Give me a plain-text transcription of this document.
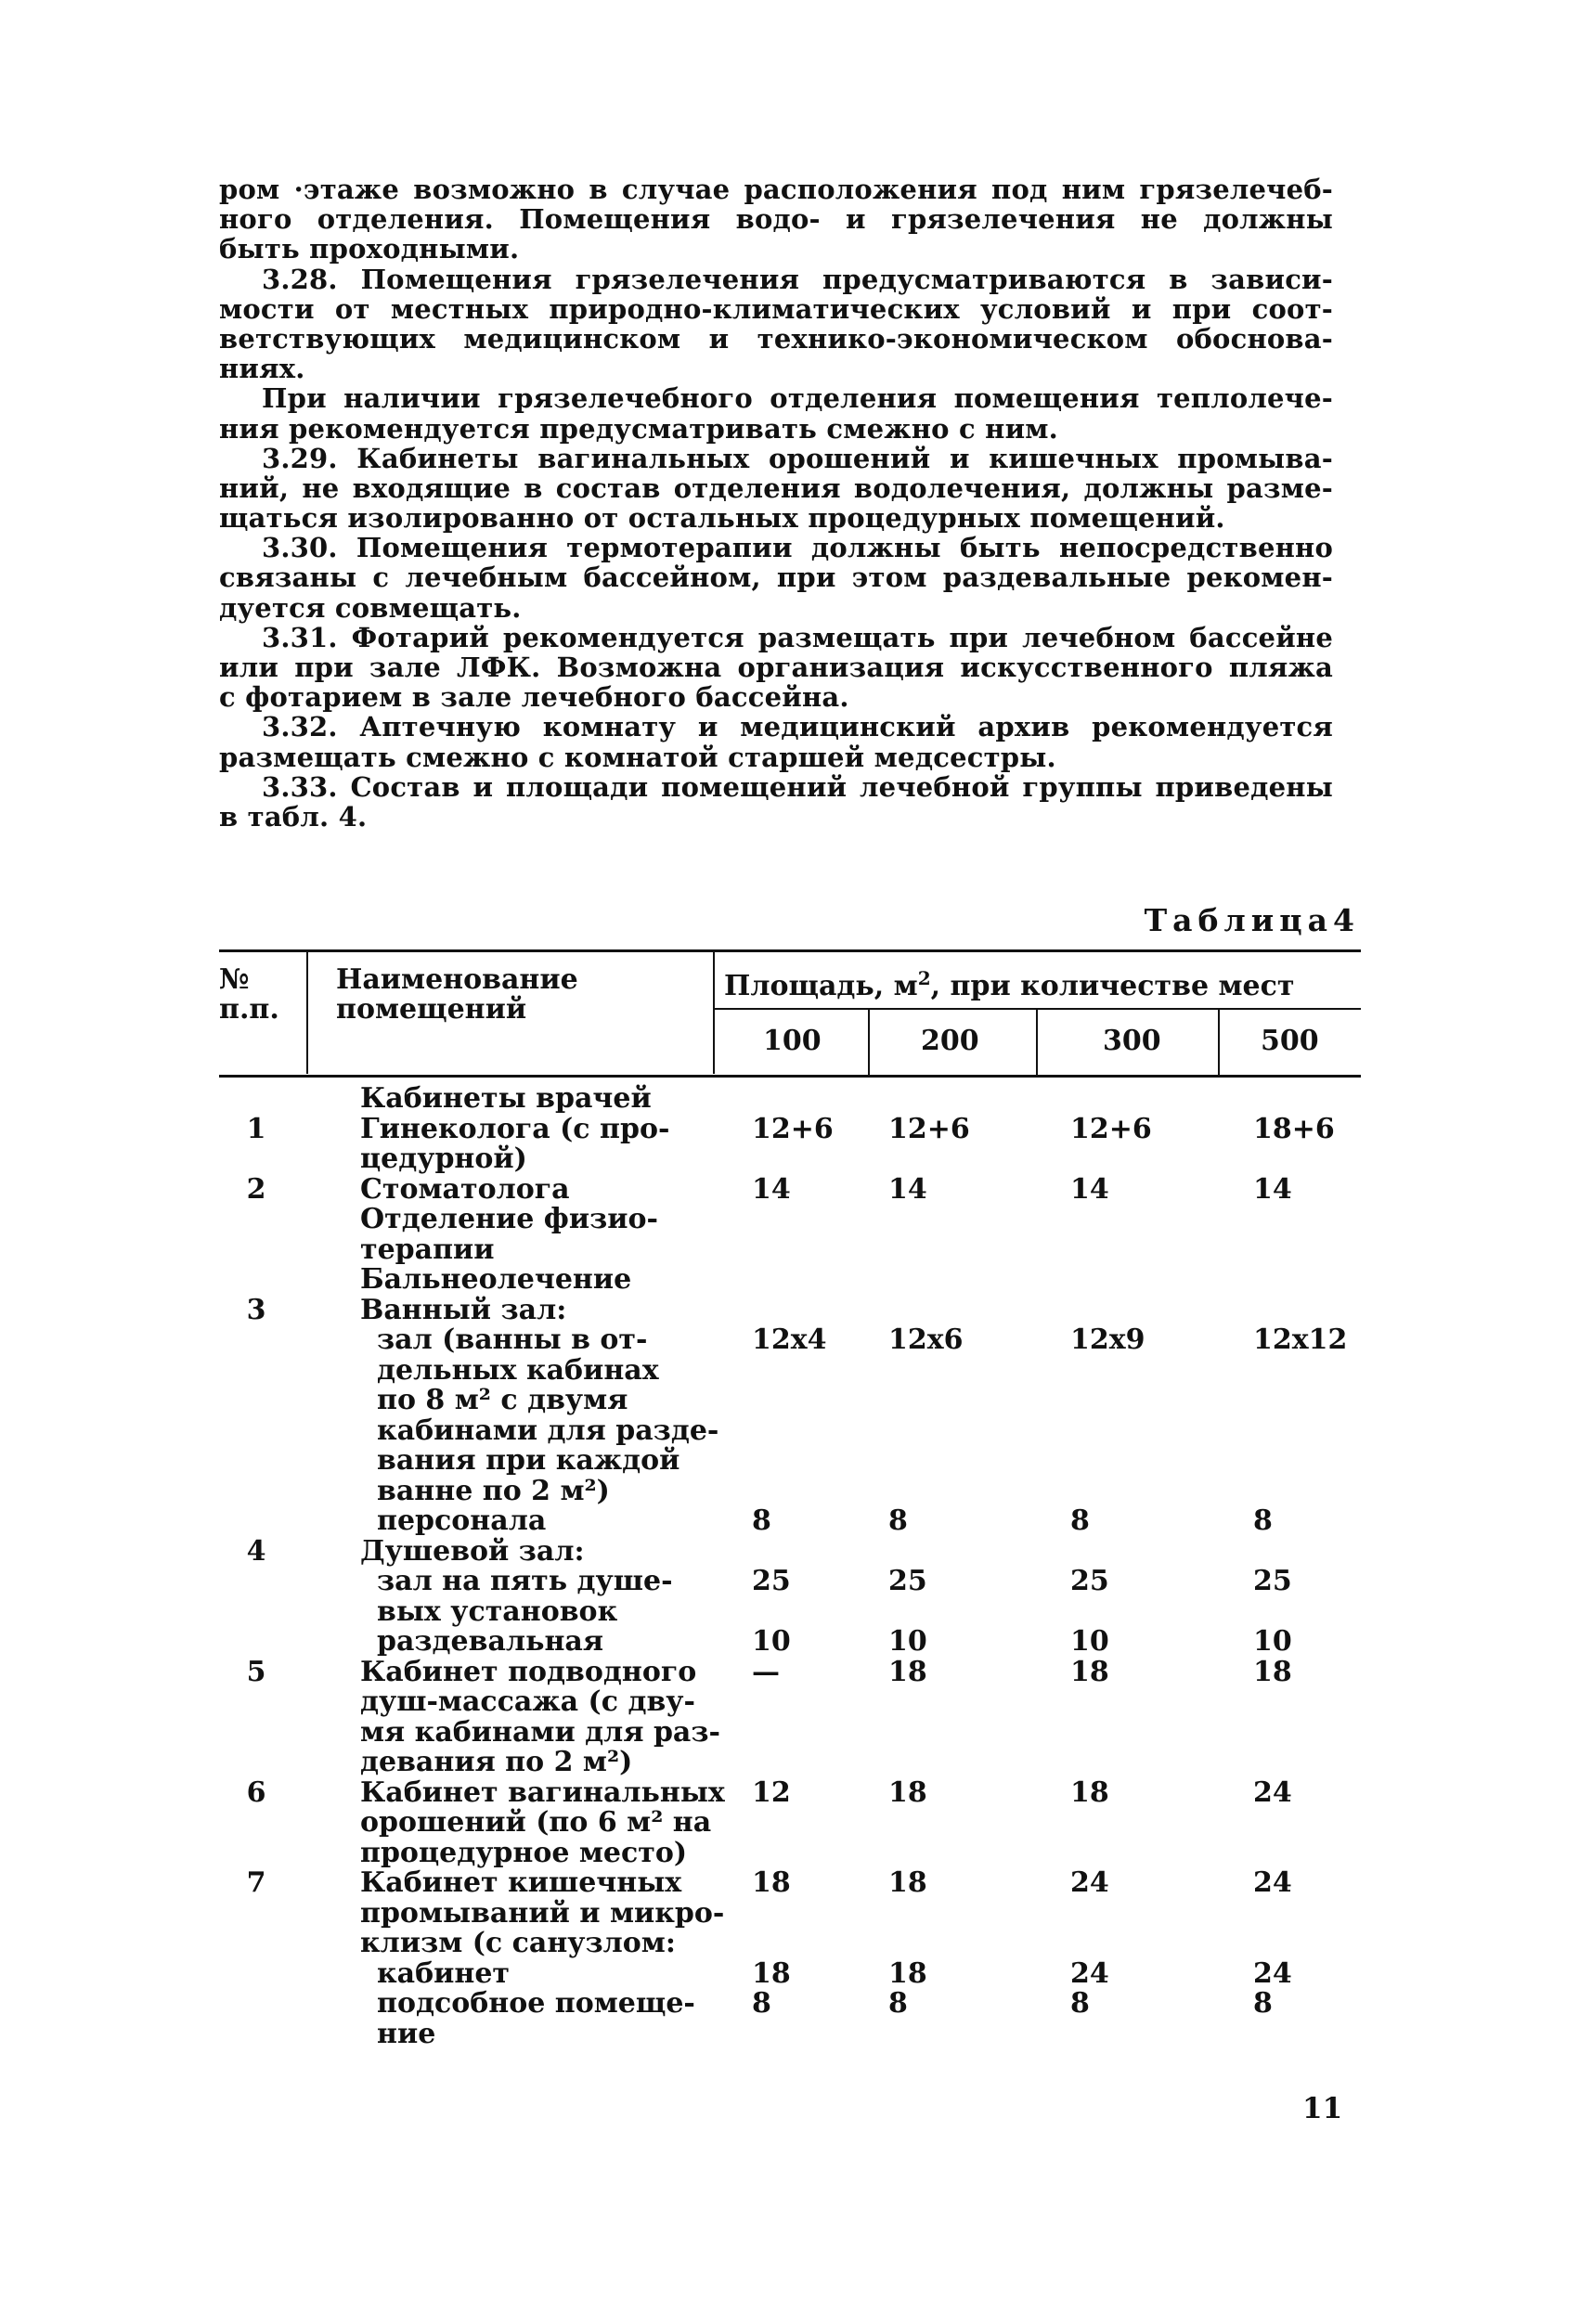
ром ·этаже возможно в случае расположения под ним грязелечеб-
ного отделения. Помещения водо- и грязелечения не должны
быть проходными.
3.28. Помещения грязелечения предусматриваются в зависи-
мости от местных природно-климатических условий и при соот-
ветствующих медицинском и технико-экономическом обоснова-
ниях.
При наличии грязелечебного отделения помещения теплолече-
ния рекомендуется предусматривать смежно с ним.
3.29. Кабинеты вагинальных орошений и кишечных промыва-
ний, не входящие в состав отделения водолечения, должны разме-
щаться изолированно от остальных процедурных помещений.
3.30. Помещения термотерапии должны быть непосредственно
связаны с лечебным бассейном, при этом раздевальные рекомен-
дуется совмещать.
3.31. Фотарий рекомендуется размещать при лечебном бассейне
или при зале ЛФК. Возможна организация искусственного пляжа
с фотарием в зале лечебного бассейна.
3.32. Аптечную комнату и медицинский архив рекомендуется
размещать смежно с комнатой старшей медсестры.
3.33. Состав и площади помещений лечебной группы приведены
в табл. 4.
Таблица4
№
п.п.
Наименование
помещений
Площадь, $м^2$, при количестве мест
100	200	300	500
Кабинеты врачей
1	Гинеколога (с про-
цедурной)
12+6 12+6	12+6	18+6
2	Стоматолога	14	14	14	14
Отделение физио-
терапии
Бальнеолечение
3	Ванный зал:
зал (ванны в от-
дельных кабинах
по 8 м² с двумя
кабинами для разде-
вания при каждой
ванне по 2 м²)
12x4 12x6	12x9	12x12
персонала	8	8	8	8
4	Душевой зал:
зал на пять душе-
вых установок
25	25	25	25
раздевальная	10	10	10	10
5	Кабинет подводного
душ-массажа (с дву-
мя кабинами для раз-
девания по 2 м²)
—	18	18	18
6	Кабинет вагинальных
орошений (по 6 м² на
процедурное место)
12	18	18	24
7	Кабинет кишечных
промываний и микро-
клизм (с санузлом:
18	18	24	24
кабинет	18	18	24	24
подсобное помеще-
ние
8	8	8	8
11
